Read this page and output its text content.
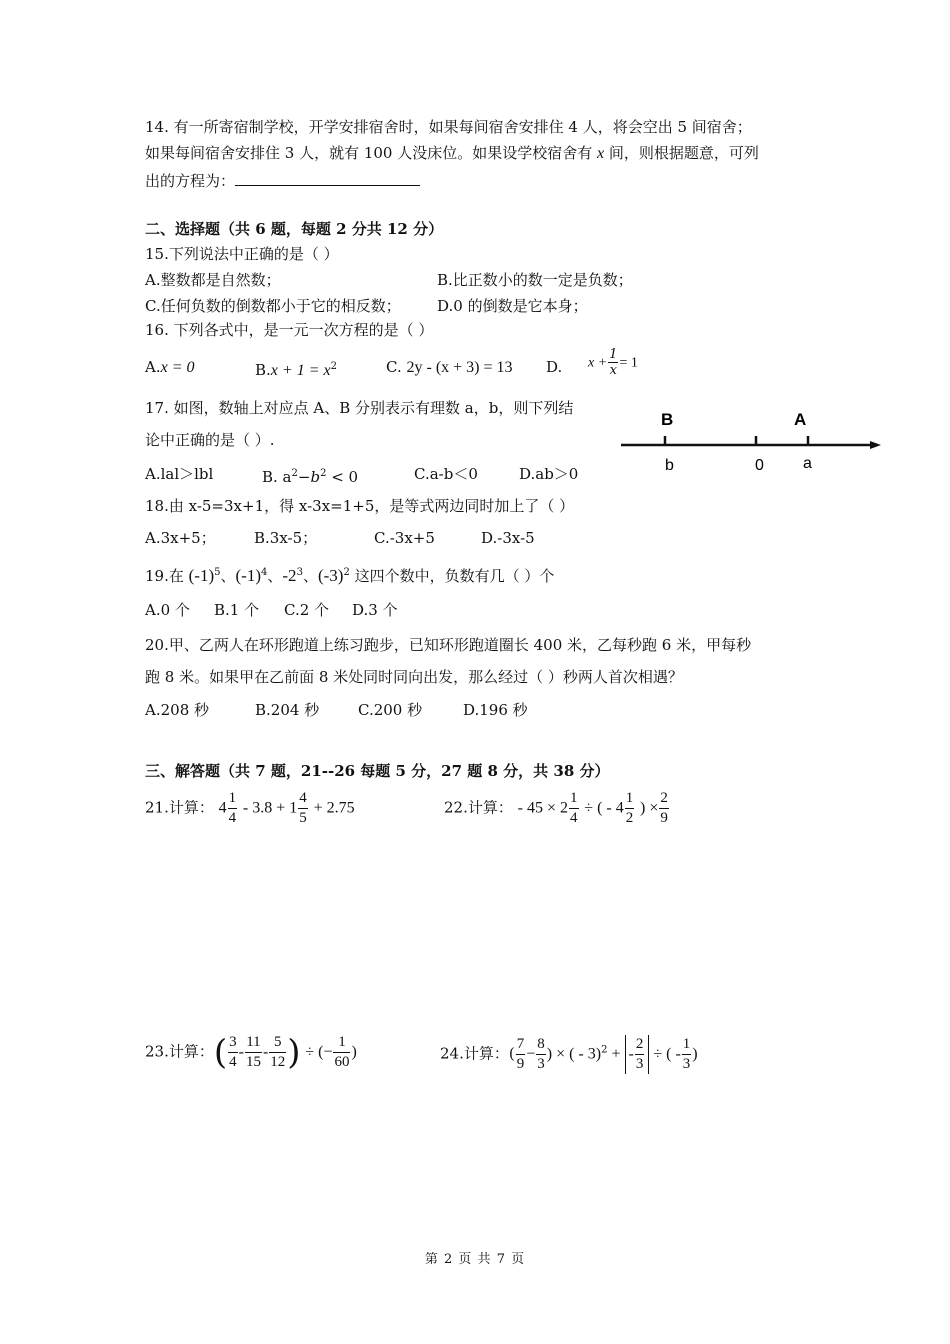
14. 有一所寄宿制学校，开学安排宿舍时，如果每间宿舍安排住 4 人，将会空出 5 间宿舍；
如果每间宿舍安排住 3 人，就有 100 人没床位。如果设学校宿舍有 x 间，则根据题意，可列
出的方程为：
二、选择题（共 6 题，每题 2 分共 12 分）
15.下列说法中正确的是（ ）
A.整数都是自然数；	B.比正数小的数一定是负数；
C.任何负数的倒数都小于它的相反数； D.0 的倒数是它本身；
16. 下列各式中，是一元一次方程的是（ ）
A.x = 0	$B.x + 1 = x^2$	C. 2y - (x + 3) = 13 D. $x + \frac{1}{x} = 1$
17. 如图，数轴上对应点 A、B 分别表示有理数 a，b，则下列结
论中正确的是（ ）.
A.lal＞lbl	B. $a^2-b^2 < 0$	C.a-b＜0	D.ab＞0
B	A
b	0 a
18.由 x-5=3x+1，得 x-3x=1+5，是等式两边同时加上了（ ）
A.3x+5；	B.3x-5；	C.-3x+5	D.-3x-5
19.在 $(-1)^5$、$(-1)^4$、$-2^3$、$(-3)^2$ 这四个数中，负数有几（ ）个
A.0 个 B.1 个 C.2 个 D.3 个
20.甲、乙两人在环形跑道上练习跑步，已知环形跑道圈长 400 米，乙每秒跑 6 米，甲每秒
跑 8 米。如果甲在乙前面 8 米处同时同向出发，那么经过（ ）秒两人首次相遇？
A.208 秒	B.204 秒	C.200 秒	D.196 秒
三、解答题（共 7 题，21--26 每题 5 分，27 题 8 分，共 38 分）
21.计算： $4 \frac{1}{4} - 3.8 + 1 \frac{4}{5} + 2.75$	22.计算： - $45 \times 2 \frac{1}{4}$ ÷ ( - $4 \frac{1}{2}$ ) × $\frac{2}{9}$
23.计算：( $\frac{3}{4} - \frac{11}{15} - \frac{5}{12}$ ) ÷ (− $\frac{1}{60}$ )	24.计算：( $\frac{7}{9} - \frac{8}{3}$ ) × ( - 3)$^2$ + - $\frac{2}{3}$ ÷ ( - $\frac{1}{3}$ )
第 2 页 共 7 页
